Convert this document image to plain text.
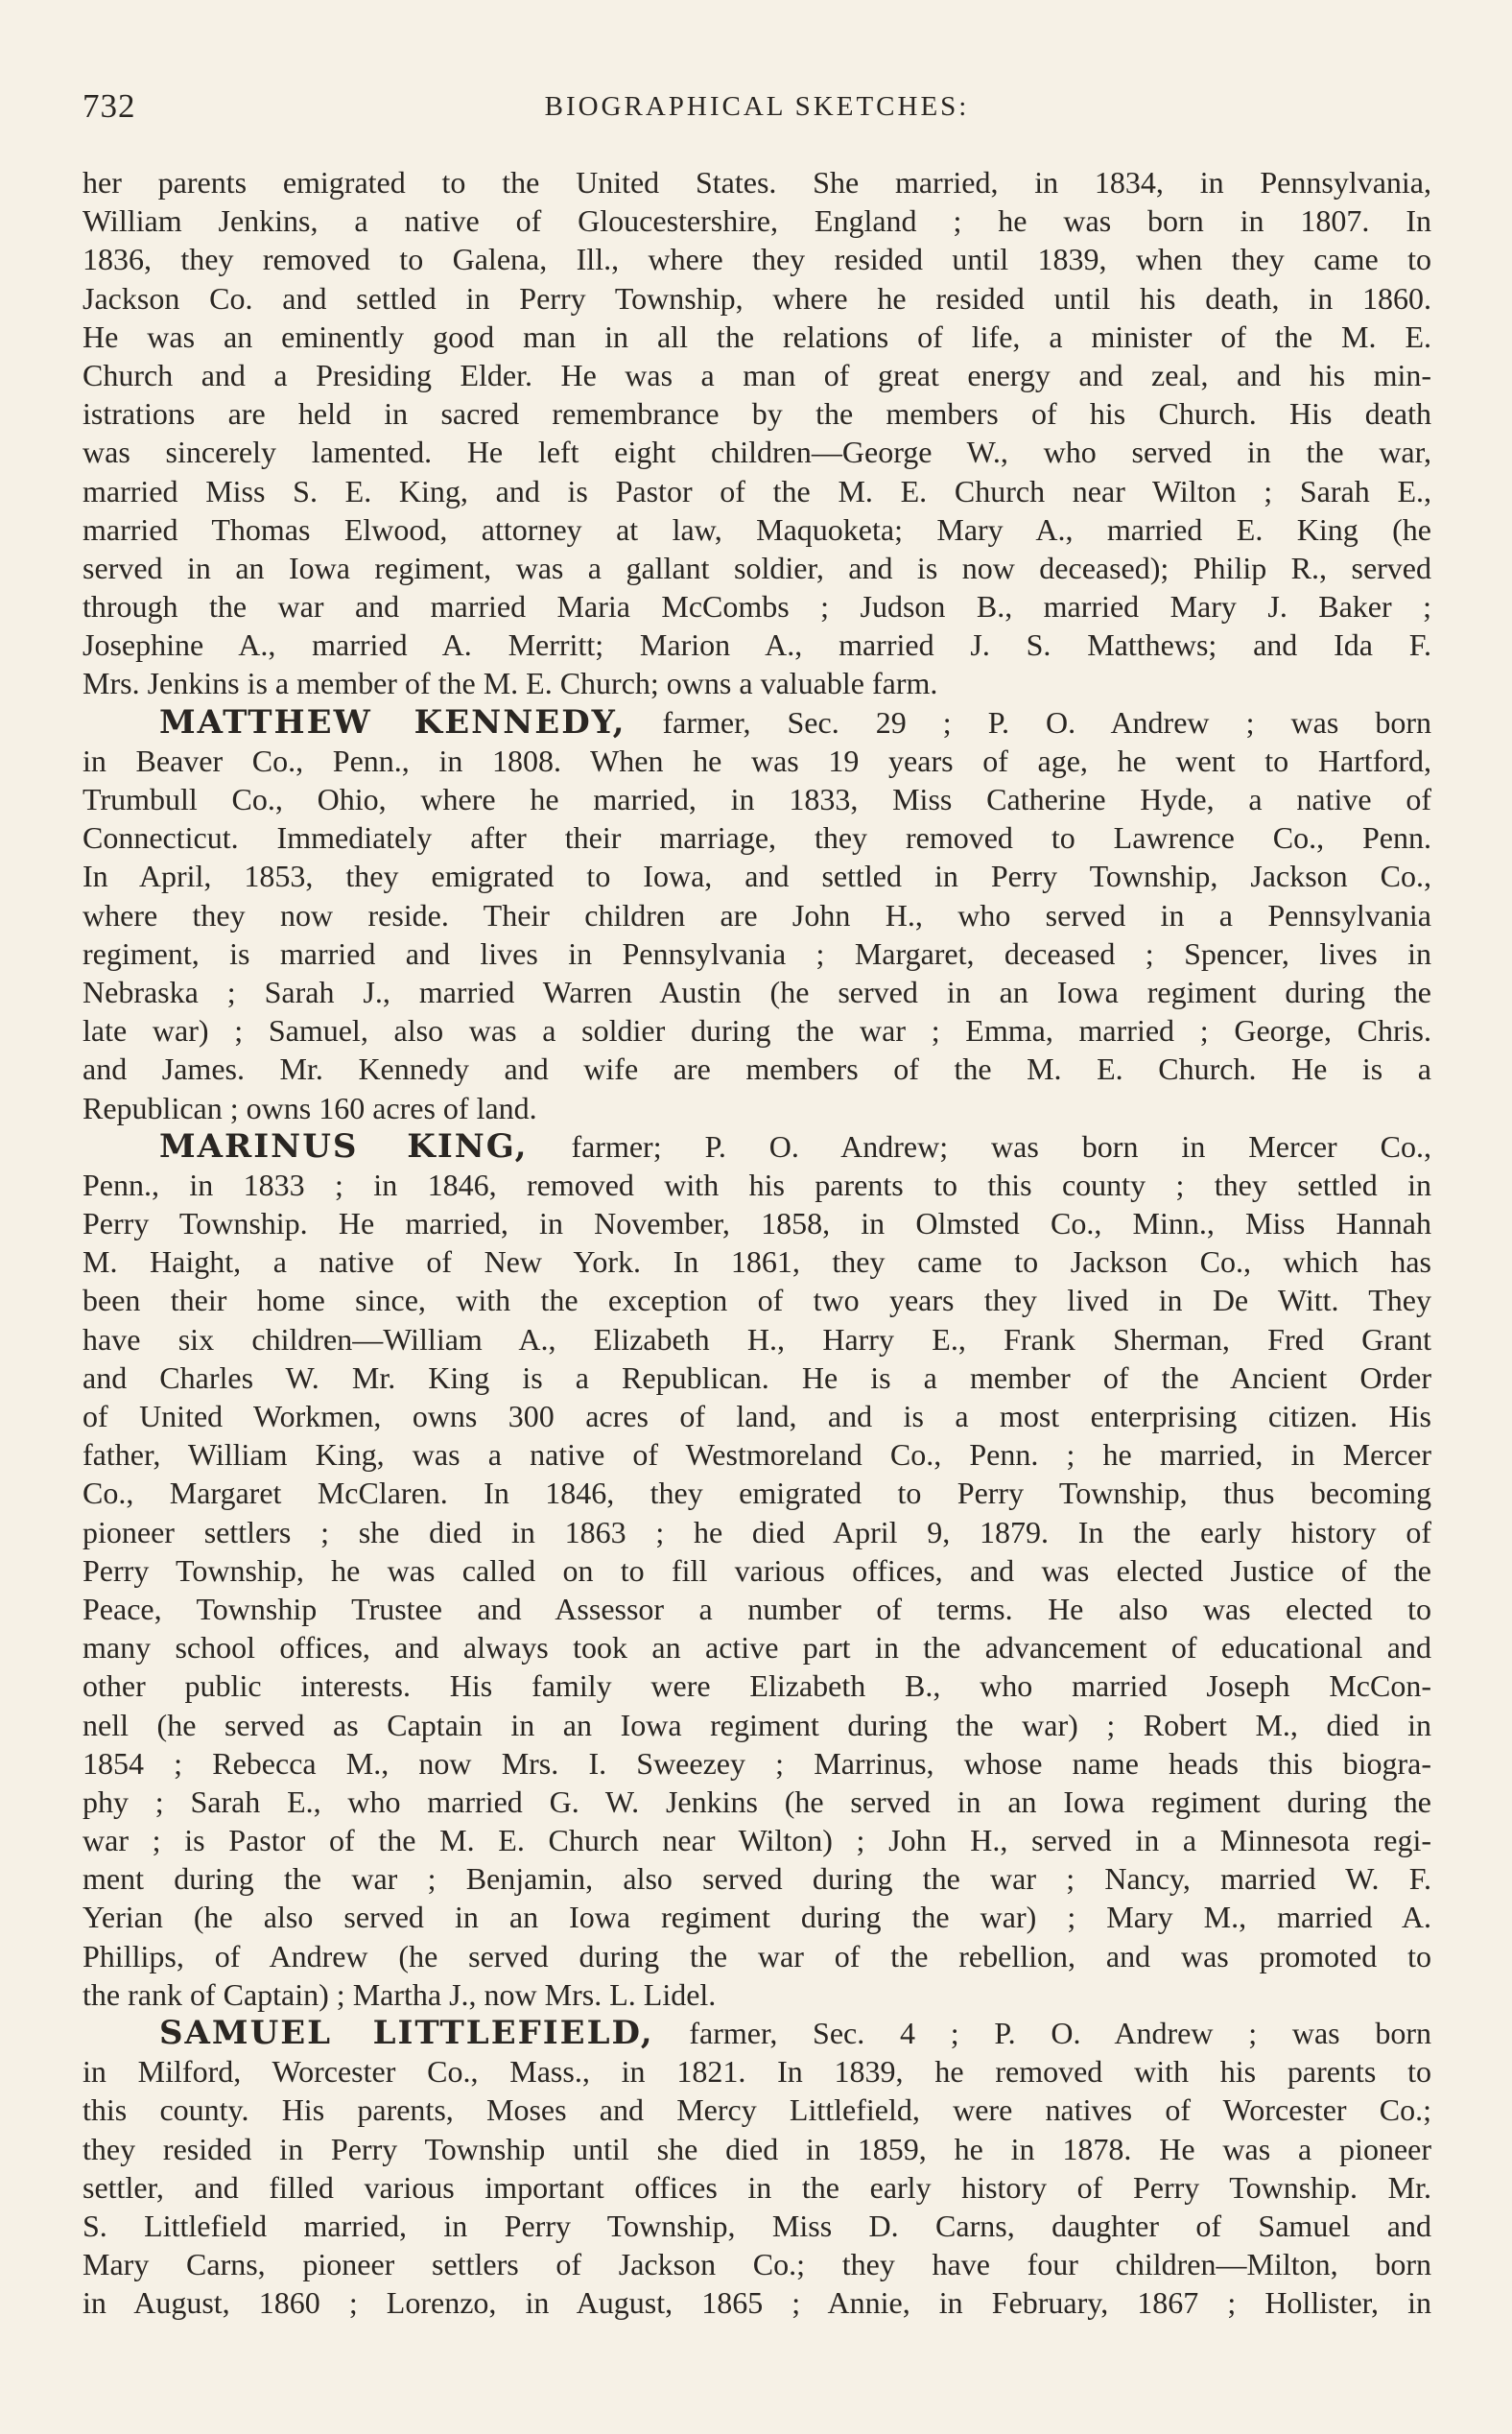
732	BIOGRAPHICAL SKETCHES:
her parents emigrated to the United States. She married, in 1834, in Pennsylvania,
William Jenkins, a native of Gloucestershire, England ; he was born in 1807. In
1836, they removed to Galena, Ill., where they resided until 1839, when they came to
Jackson Co. and settled in Perry Township, where he resided until his death, in 1860.
He was an eminently good man in all the relations of life, a minister of the M. E.
Church and a Presiding Elder. He was a man of great energy and zeal, and his min-
istrations are held in sacred remembrance by the members of his Church. His death
was sincerely lamented. He left eight children—George W., who served in the war,
married Miss S. E. King, and is Pastor of the M. E. Church near Wilton ; Sarah E.,
married Thomas Elwood, attorney at law, Maquoketa; Mary A., married E. King (he
served in an Iowa regiment, was a gallant soldier, and is now deceased); Philip R., served
through the war and married Maria McCombs ; Judson B., married Mary J. Baker ;
Josephine A., married A. Merritt; Marion A., married J. S. Matthews; and Ida F.
Mrs. Jenkins is a member of the M. E. Church; owns a valuable farm.
MATTHEW KENNEDY, farmer, Sec. 29 ; P. O. Andrew ; was born
in Beaver Co., Penn., in 1808. When he was 19 years of age, he went to Hartford,
Trumbull Co., Ohio, where he married, in 1833, Miss Catherine Hyde, a native of
Connecticut. Immediately after their marriage, they removed to Lawrence Co., Penn.
In April, 1853, they emigrated to Iowa, and settled in Perry Township, Jackson Co.,
where they now reside. Their children are John H., who served in a Pennsylvania
regiment, is married and lives in Pennsylvania ; Margaret, deceased ; Spencer, lives in
Nebraska ; Sarah J., married Warren Austin (he served in an Iowa regiment during the
late war) ; Samuel, also was a soldier during the war ; Emma, married ; George, Chris.
and James. Mr. Kennedy and wife are members of the M. E. Church. He is a
Republican ; owns 160 acres of land.
MARINUS KING, farmer; P. O. Andrew; was born in Mercer Co.,
Penn., in 1833 ; in 1846, removed with his parents to this county ; they settled in
Perry Township. He married, in November, 1858, in Olmsted Co., Minn., Miss Hannah
M. Haight, a native of New York. In 1861, they came to Jackson Co., which has
been their home since, with the exception of two years they lived in De Witt. They
have six children—William A., Elizabeth H., Harry E., Frank Sherman, Fred Grant
and Charles W. Mr. King is a Republican. He is a member of the Ancient Order
of United Workmen, owns 300 acres of land, and is a most enterprising citizen. His
father, William King, was a native of Westmoreland Co., Penn. ; he married, in Mercer
Co., Margaret McClaren. In 1846, they emigrated to Perry Township, thus becoming
pioneer settlers ; she died in 1863 ; he died April 9, 1879. In the early history of
Perry Township, he was called on to fill various offices, and was elected Justice of the
Peace, Township Trustee and Assessor a number of terms. He also was elected to
many school offices, and always took an active part in the advancement of educational and
other public interests. His family were Elizabeth B., who married Joseph McCon-
nell (he served as Captain in an Iowa regiment during the war) ; Robert M., died in
1854 ; Rebecca M., now Mrs. I. Sweezey ; Marrinus, whose name heads this biogra-
phy ; Sarah E., who married G. W. Jenkins (he served in an Iowa regiment during the
war ; is Pastor of the M. E. Church near Wilton) ; John H., served in a Minnesota regi-
ment during the war ; Benjamin, also served during the war ; Nancy, married W. F.
Yerian (he also served in an Iowa regiment during the war) ; Mary M., married A.
Phillips, of Andrew (he served during the war of the rebellion, and was promoted to
the rank of Captain) ; Martha J., now Mrs. L. Lidel.
SAMUEL LITTLEFIELD, farmer, Sec. 4 ; P. O. Andrew ; was born
in Milford, Worcester Co., Mass., in 1821. In 1839, he removed with his parents to
this county. His parents, Moses and Mercy Littlefield, were natives of Worcester Co.;
they resided in Perry Township until she died in 1859, he in 1878. He was a pioneer
settler, and filled various important offices in the early history of Perry Township. Mr.
S. Littlefield married, in Perry Township, Miss D. Carns, daughter of Samuel and
Mary Carns, pioneer settlers of Jackson Co.; they have four children—Milton, born
in August, 1860 ; Lorenzo, in August, 1865 ; Annie, in February, 1867 ; Hollister, in
